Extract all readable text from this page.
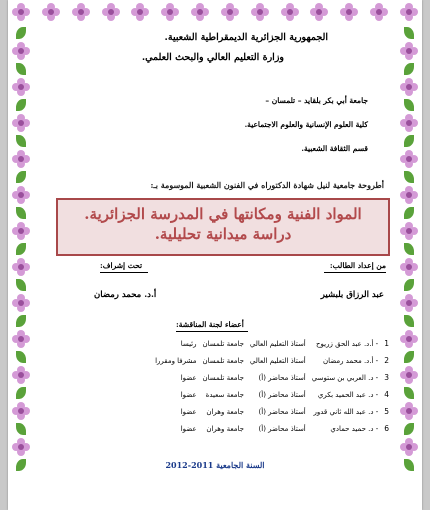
الجمهورية الجزائرية الديمقراطية الشعبية.
وزارة التعليم العالي والبحث العلمي.
جامعة أبي بكر بلقايد – تلمسان –
كلية العلوم الإنسانية والعلوم الاجتماعية.
قسم الثقافة الشعبية.
أطروحة جامعية لنيل شهادة الدكتوراه في الفنون الشعبية الموسومة بـ:
المواد الفنية ومكانتها في المدرسة الجزائرية.
دراسة ميدانية تحليلية.
من إعداد الطالب:
تحت إشراف:
عبد الرزاق بلبشير
أ.د. محمد رمضان
أعضاء لجنة المناقشة:
1	- أ.د. عبد الحق زريوح	أستاذ التعليم العالي	جامعة تلمسان	رئيسا
2	- أ.د. محمد رمضان	أستاذ التعليم العالي	جامعة تلمسان	مشرفا ومقررا
3	- د. العربي بن ستوسي	أستاذ محاضر (أ)	جامعة تلمسان	عضوا
4	- د. عبد الحميد بكري	أستاذ محاضر (أ)	جامعة سعيدة	عضوا
5	- د. عبد الله ثاني قدور	أستاذ محاضر (أ)	جامعة وهران	عضوا
6	- د. حميد حمادي	أستاذ محاضر (أ)	جامعة وهران	عضوا
السنة الجامعية 2011-2012
